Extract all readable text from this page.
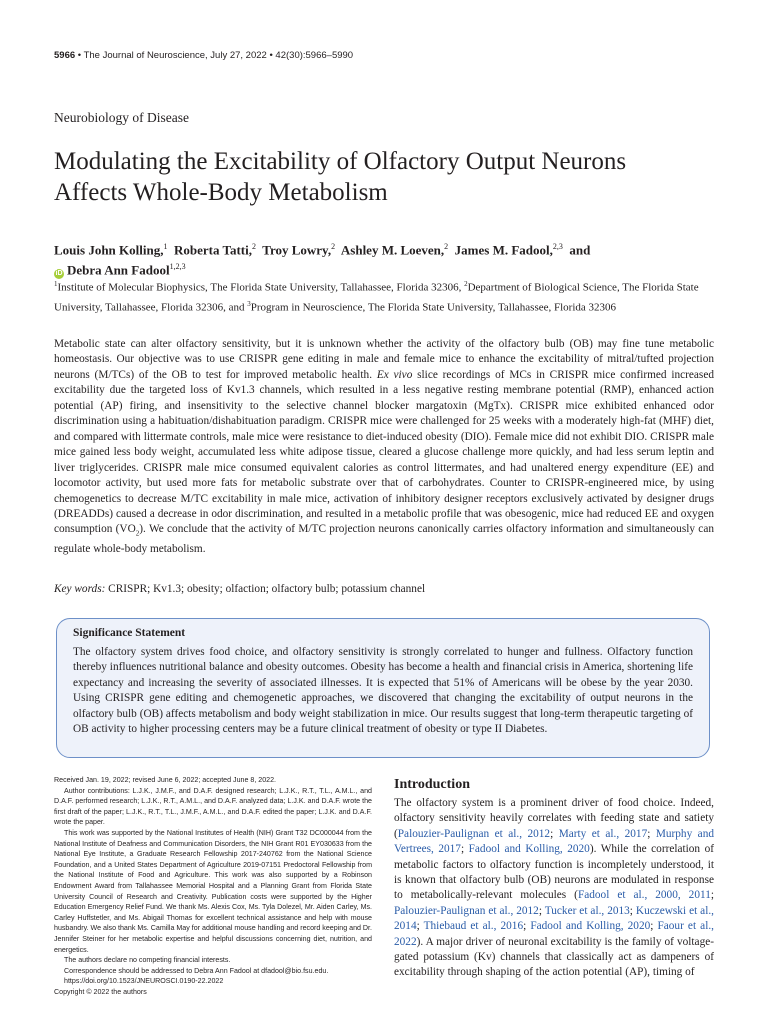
5966 • The Journal of Neuroscience, July 27, 2022 • 42(30):5966–5990
Neurobiology of Disease
Modulating the Excitability of Olfactory Output Neurons
Affects Whole-Body Metabolism
Louis John Kolling,$^1$ Roberta Tatti,$^2$ Troy Lowry,$^2$ Ashley M. Loeven,$^2$ James M. Fadool,$^{2,3}$ and
iD Debra Ann Fadool$^{1,2,3}$
$^1$Institute of Molecular Biophysics, The Florida State University, Tallahassee, Florida 32306, $^2$Department of Biological Science, The Florida State University, Tallahassee, Florida 32306, and $^3$Program in Neuroscience, The Florida State University, Tallahassee, Florida 32306

Metabolic state can alter olfactory sensitivity, but it is unknown whether the activity of the olfactory bulb (OB) may fine tune metabolic homeostasis. Our objective was to use CRISPR gene editing in male and female mice to enhance the excitability of mitral/tufted projection neurons (M/TCs) of the OB to test for improved metabolic health. Ex vivo slice recordings of MCs in CRISPR mice confirmed increased excitability due the targeted loss of Kv1.3 channels, which resulted in a less negative resting membrane potential (RMP), enhanced action potential (AP) firing, and insensitivity to the selective channel blocker margatoxin (MgTx). CRISPR mice exhibited enhanced odor discrimination using a habituation/dishabituation paradigm. CRISPR mice were challenged for 25 weeks with a moderately high-fat (MHF) diet, and compared with littermate controls, male mice were resistance to diet-induced obesity (DIO). Female mice did not exhibit DIO. CRISPR male mice gained less body weight, accumulated less white adipose tissue, cleared a glucose challenge more quickly, and had less serum leptin and liver triglycerides. CRISPR male mice consumed equivalent calories as control littermates, and had unaltered energy expenditure (EE) and locomotor activity, but used more fats for metabolic substrate over that of carbohydrates. Counter to CRISPR-engineered mice, by using chemogenetics to decrease M/TC excitability in male mice, activation of inhibitory designer receptors exclusively activated by designer drugs (DREADDs) caused a decrease in odor discrimination, and resulted in a metabolic profile that was obesogenic, mice had reduced EE and oxygen consumption $(VO_2)$. We conclude that the activity of M/TC projection neurons canonically carries olfactory information and simultaneously can regulate whole-body metabolism.

Key words: CRISPR; Kv1.3; obesity; olfaction; olfactory bulb; potassium channel

Significance Statement

The olfactory system drives food choice, and olfactory sensitivity is strongly correlated to hunger and fullness. Olfactory function thereby influences nutritional balance and obesity outcomes. Obesity has become a health and financial crisis in America, shortening life expectancy and increasing the severity of associated illnesses. It is expected that 51% of Americans will be obese by the year 2030. Using CRISPR gene editing and chemogenetic approaches, we discovered that changing the excitability of output neurons in the olfactory bulb (OB) affects metabolism and body weight stabilization in mice. Our results suggest that long-term therapeutic targeting of OB activity to higher processing centers may be a future clinical treatment of obesity or type II Diabetes.

Received Jan. 19, 2022; revised June 6, 2022; accepted June 8, 2022.

Author contributions: L.J.K., J.M.F., and D.A.F. designed research; L.J.K., R.T., T.L., A.M.L., and D.A.F. performed research; L.J.K., R.T., A.M.L., and D.A.F. analyzed data; L.J.K. and D.A.F. wrote the first draft of the paper; L.J.K., R.T., T.L., J.M.F., A.M.L., and D.A.F. edited the paper; L.J.K. and D.A.F. wrote the paper.

This work was supported by the National Institutes of Health (NIH) Grant T32 DC000044 from the National Institute of Deafness and Communication Disorders, the NIH Grant R01 EY030633 from the National Eye Institute, a Graduate Research Fellowship 2017-240762 from the National Science Foundation, and a United States Department of Agriculture 2019-07151 Predoctoral Fellowship from the National Institute of Food and Agriculture. This work was also supported by a Robinson Endowment Award from Tallahassee Memorial Hospital and a Planning Grant from Florida State University Council of Research and Creativity. Publication costs were supported by the Higher Education Emergency Relief Fund. We thank Ms. Alexis Cox, Ms. Tyla Dolezel, Mr. Aiden Carley, Ms. Carley Huffstetler, and Ms. Abigail Thomas for excellent technical assistance and help with mouse husbandry. We also thank Ms. Camilla May for additional mouse handling and record keeping and Dr. Jennifer Steiner for her metabolic expertise and helpful discussions concerning diet, nutrition, and energetics.

The authors declare no competing financial interests.

Correspondence should be addressed to Debra Ann Fadool at dfadool@bio.fsu.edu.

https://doi.org/10.1523/JNEUROSCI.0190-22.2022

Copyright © 2022 the authors

Introduction

The olfactory system is a prominent driver of food choice. Indeed, olfactory sensitivity heavily correlates with feeding state and satiety (Palouzier-Paulignan et al., 2012; Marty et al., 2017; Murphy and Vertrees, 2017; Fadool and Kolling, 2020). While the correlation of metabolic factors to olfactory function is incompletely understood, it is known that olfactory bulb (OB) neurons are modulated in response to metabolically-relevant molecules (Fadool et al., 2000, 2011; Palouzier-Paulignan et al., 2012; Tucker et al., 2013; Kuczewski et al., 2014; Thiebaud et al., 2016; Fadool and Kolling, 2020; Faour et al., 2022). A major driver of neuronal excitability is the family of voltage-gated potassium (Kv) channels that classically act as dampeners of excitability through shaping of the action potential (AP), timing of
